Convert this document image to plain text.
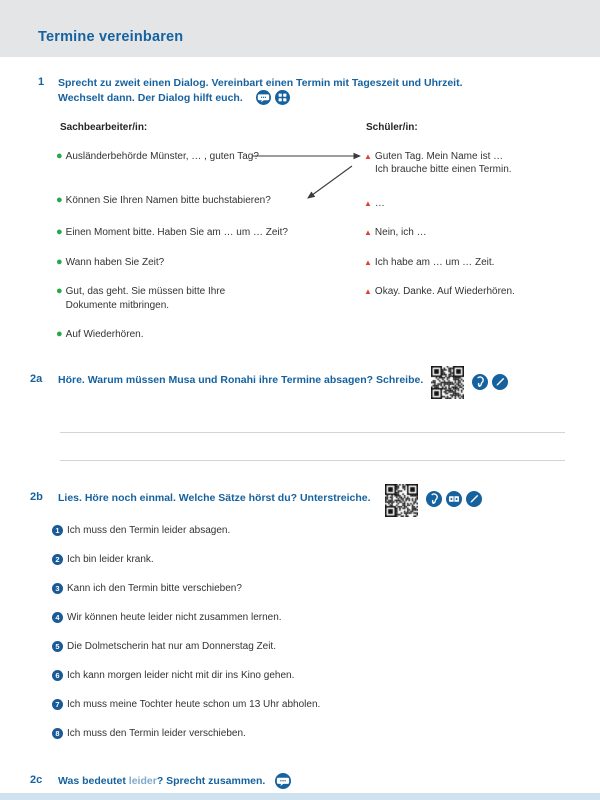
Termine vereinbaren
1 Sprecht zu zweit einen Dialog. Vereinbart einen Termin mit Tageszeit und Uhrzeit.
Wechselt dann. Der Dialog hilft euch.
Sachbearbeiter/in:	Schüler/in:
● Ausländerbehörde Münster, … , guten Tag?
● Können Sie Ihren Namen bitte buchstabieren?
● Einen Moment bitte. Haben Sie am … um … Zeit?
● Wann haben Sie Zeit?
● Gut, das geht. Sie müssen bitte Ihre Dokumente mitbringen.
● Auf Wiederhören.
▲ Guten Tag. Mein Name ist …
Ich brauche bitte einen Termin.
▲ …
▲ Nein, ich …
▲ Ich habe am … um … Zeit.
▲ Okay. Danke. Auf Wiederhören.
2a Höre. Warum müssen Musa und Ronahi ihre Termine absagen? Schreibe.
2b Lies. Höre noch einmal. Welche Sätze hörst du? Unterstreiche.
1 Ich muss den Termin leider absagen.
2 Ich bin leider krank.
3 Kann ich den Termin bitte verschieben?
4 Wir können heute leider nicht zusammen lernen.
5 Die Dolmetscherin hat nur am Donnerstag Zeit.
6 Ich kann morgen leider nicht mit dir ins Kino gehen.
7 Ich muss meine Tochter heute schon um 13 Uhr abholen.
8 Ich muss den Termin leider verschieben.
2c Was bedeutet leider? Sprecht zusammen.
